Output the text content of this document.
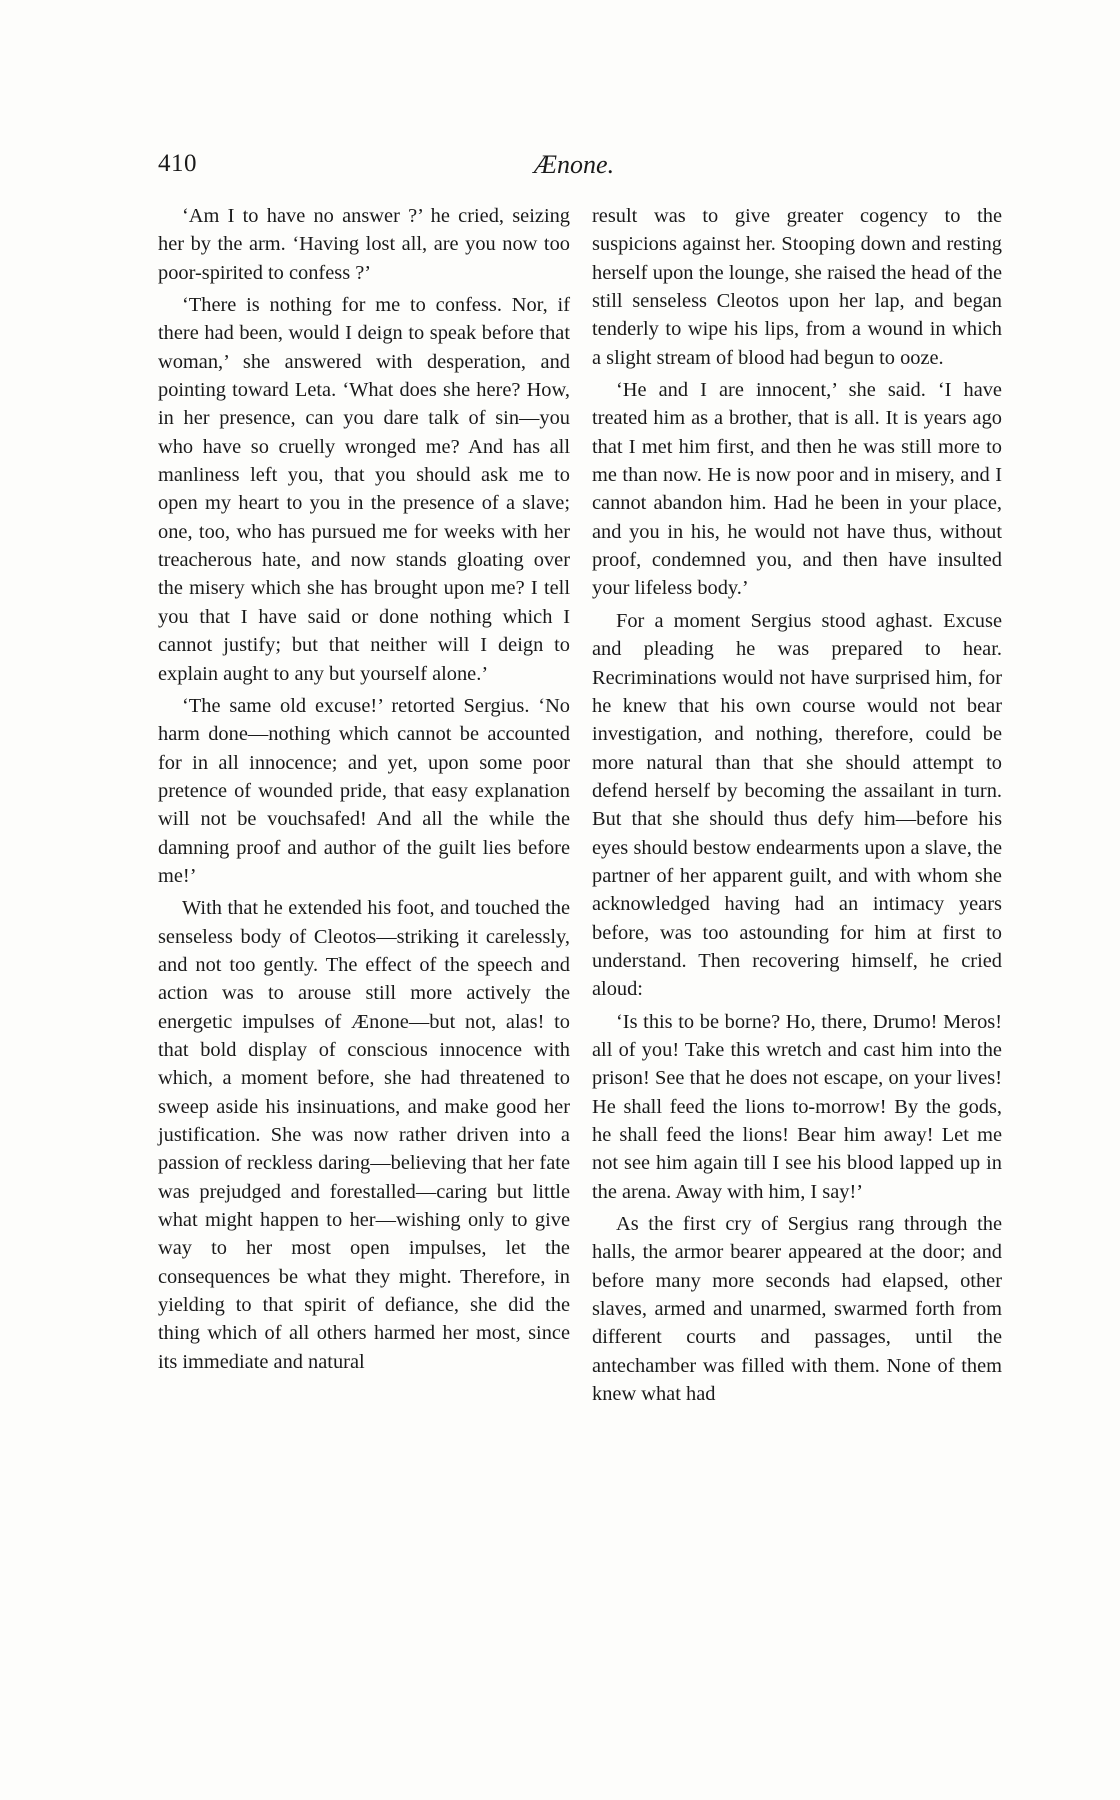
410	Ænone.

‘Am I to have no answer ?’ he cried, seizing her by the arm. ‘Having lost all, are you now too poor-spirited to confess ?’

‘There is nothing for me to confess. Nor, if there had been, would I deign to speak before that woman,’ she answered with desperation, and pointing toward Leta. ‘What does she here? How, in her presence, can you dare talk of sin—you who have so cruelly wronged me? And has all manliness left you, that you should ask me to open my heart to you in the presence of a slave; one, too, who has pursued me for weeks with her treacherous hate, and now stands gloating over the misery which she has brought upon me? I tell you that I have said or done nothing which I cannot justify; but that neither will I deign to explain aught to any but yourself alone.’

‘The same old excuse!’ retorted Sergius. ‘No harm done—nothing which cannot be accounted for in all innocence; and yet, upon some poor pretence of wounded pride, that easy explanation will not be vouchsafed! And all the while the damning proof and author of the guilt lies before me!’

With that he extended his foot, and touched the senseless body of Cleotos—striking it carelessly, and not too gently. The effect of the speech and action was to arouse still more actively the energetic impulses of Ænone—but not, alas! to that bold display of conscious innocence with which, a moment before, she had threatened to sweep aside his insinuations, and make good her justification. She was now rather driven into a passion of reckless daring—believing that her fate was prejudged and forestalled—caring but little what might happen to her—wishing only to give way to her most open impulses, let the consequences be what they might. Therefore, in yielding to that spirit of defiance, she did the thing which of all others harmed her most, since its immediate and natural

result was to give greater cogency to the suspicions against her. Stooping down and resting herself upon the lounge, she raised the head of the still senseless Cleotos upon her lap, and began tenderly to wipe his lips, from a wound in which a slight stream of blood had begun to ooze.

‘He and I are innocent,’ she said. ‘I have treated him as a brother, that is all. It is years ago that I met him first, and then he was still more to me than now. He is now poor and in misery, and I cannot abandon him. Had he been in your place, and you in his, he would not have thus, without proof, condemned you, and then have insulted your lifeless body.’

For a moment Sergius stood aghast. Excuse and pleading he was prepared to hear. Recriminations would not have surprised him, for he knew that his own course would not bear investigation, and nothing, therefore, could be more natural than that she should attempt to defend herself by becoming the assailant in turn. But that she should thus defy him—before his eyes should bestow endearments upon a slave, the partner of her apparent guilt, and with whom she acknowledged having had an intimacy years before, was too astounding for him at first to understand. Then recovering himself, he cried aloud:

‘Is this to be borne? Ho, there, Drumo! Meros! all of you! Take this wretch and cast him into the prison! See that he does not escape, on your lives! He shall feed the lions to-morrow! By the gods, he shall feed the lions! Bear him away! Let me not see him again till I see his blood lapped up in the arena. Away with him, I say!’

As the first cry of Sergius rang through the halls, the armor bearer appeared at the door; and before many more seconds had elapsed, other slaves, armed and unarmed, swarmed forth from different courts and passages, until the antechamber was filled with them. None of them knew what had
